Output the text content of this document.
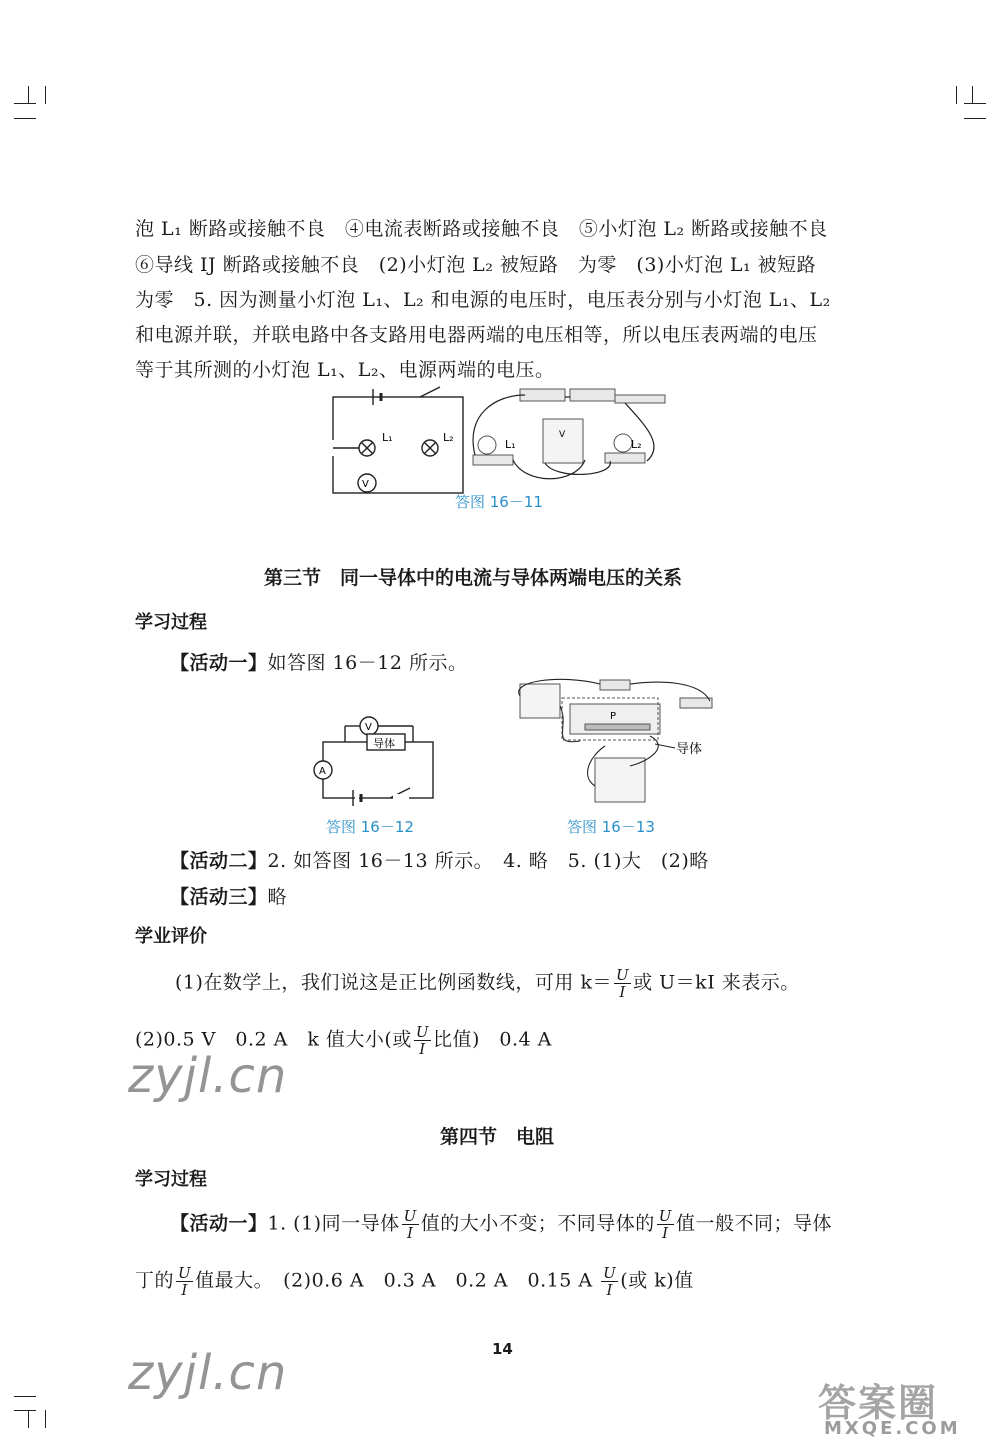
泡 L₁ 断路或接触不良　④电流表断路或接触不良　⑤小灯泡 L₂ 断路或接触不良
⑥导线 IJ 断路或接触不良　(2)小灯泡 L₂ 被短路　为零　(3)小灯泡 L₁ 被短路
为零　5. 因为测量小灯泡 L₁、L₂ 和电源的电压时，电压表分别与小灯泡 L₁、L₂
和电源并联，并联电路中各支路用电器两端的电压相等，所以电压表两端的电压
等于其所测的小灯泡 L₁、L₂、电源两端的电压。
L₁	L₂
V
L₁	L₂
V
答图 16－11
第三节　同一导体中的电流与导体两端电压的关系
学习过程
【活动一】如答图 16－12 所示。
V
A
导体
答图 16－12
P
导体
答图 16－13
【活动二】2. 如答图 16－13 所示。　4. 略　5. (1)大　(2)略
【活动三】略
学业评价
(1)在数学上，我们说这是正比例函数线，可用 $k= \frac{U}{I}$ 或 U＝kI 来表示。
(2)0.5 V　0.2 A　k 值大小(或 $\frac{U}{I}$ 比值)　0.4 A
zyjl.cn
第四节　电阻
学习过程
【活动一】1. (1)同一导体 $\frac{U}{I}$ 值的大小不变；不同导体的 $\frac{U}{I}$ 值一般不同；导体
丁的 $\frac{U}{I}$ 值最大。　(2)0.6 A　0.3 A　0.2 A　0.15 A $\frac{U}{I}$ (或 k)值
zyjl.cn	14
答案圈
MXQE.COM
